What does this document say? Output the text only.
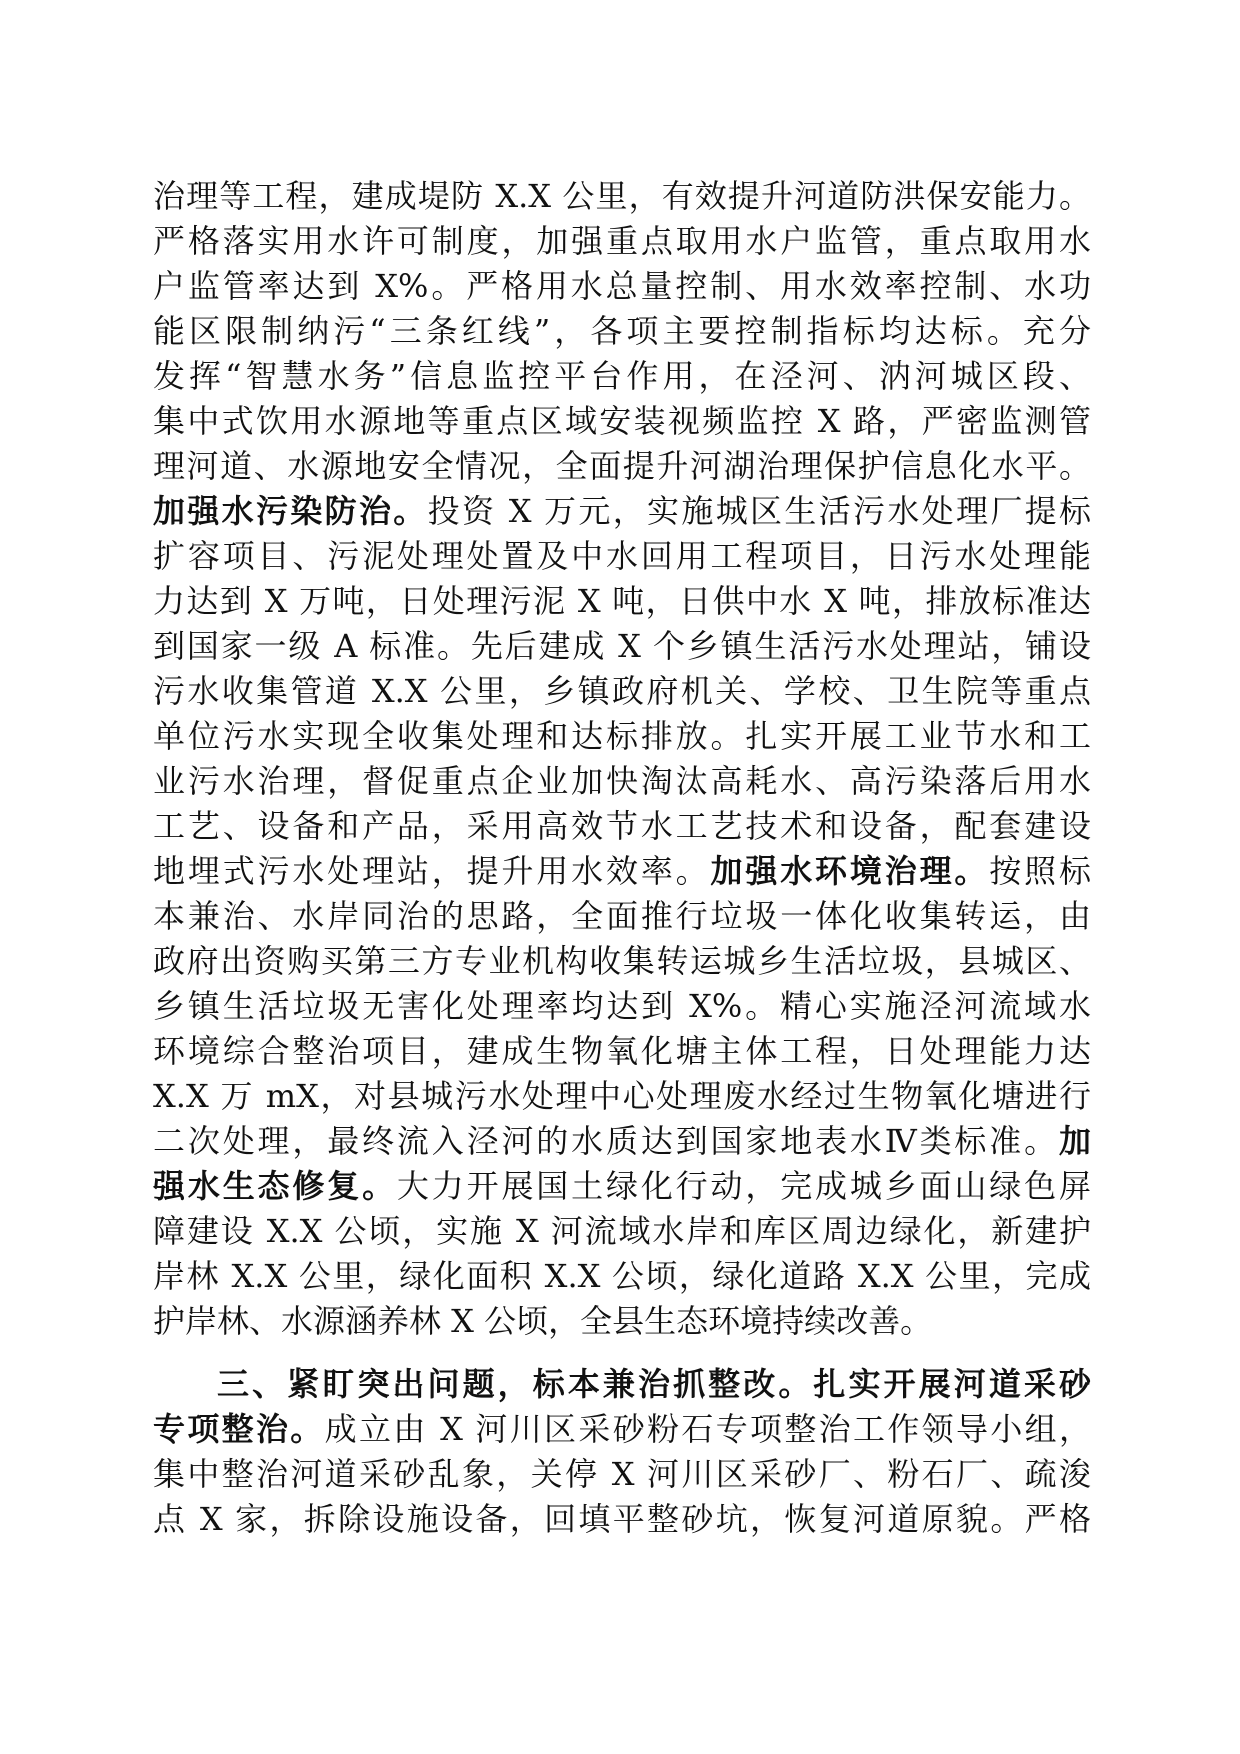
治理等工程，建成堤防 X.X 公里，有效提升河道防洪保安能力。
严格落实用水许可制度，加强重点取用水户监管，重点取用水
户监管率达到 X%。严格用水总量控制、用水效率控制、水功
能区限制纳污“三条红线”，各项主要控制指标均达标。充分
发挥“智慧水务”信息监控平台作用，在泾河、汭河城区段、
集中式饮用水源地等重点区域安装视频监控 X 路，严密监测管
理河道、水源地安全情况，全面提升河湖治理保护信息化水平。
加强水污染防治。投资 X 万元，实施城区生活污水处理厂提标
扩容项目、污泥处理处置及中水回用工程项目，日污水处理能
力达到 X 万吨，日处理污泥 X 吨，日供中水 X 吨，排放标准达
到国家一级 A 标准。先后建成 X 个乡镇生活污水处理站，铺设
污水收集管道 X.X 公里，乡镇政府机关、学校、卫生院等重点
单位污水实现全收集处理和达标排放。扎实开展工业节水和工
业污水治理，督促重点企业加快淘汰高耗水、高污染落后用水
工艺、设备和产品，采用高效节水工艺技术和设备，配套建设
地埋式污水处理站，提升用水效率。加强水环境治理。按照标
本兼治、水岸同治的思路，全面推行垃圾一体化收集转运，由
政府出资购买第三方专业机构收集转运城乡生活垃圾，县城区、
乡镇生活垃圾无害化处理率均达到 X%。精心实施泾河流域水
环境综合整治项目，建成生物氧化塘主体工程，日处理能力达
X.X 万 mX，对县城污水处理中心处理废水经过生物氧化塘进行
二次处理，最终流入泾河的水质达到国家地表水Ⅳ类标准。加
强水生态修复。大力开展国土绿化行动，完成城乡面山绿色屏
障建设 X.X 公顷，实施 X 河流域水岸和库区周边绿化，新建护
岸林 X.X 公里，绿化面积 X.X 公顷，绿化道路 X.X 公里，完成
护岸林、水源涵养林 X 公顷，全县生态环境持续改善。
三、紧盯突出问题，标本兼治抓整改。扎实开展河道采砂
专项整治。成立由 X 河川区采砂粉石专项整治工作领导小组，
集中整治河道采砂乱象，关停 X 河川区采砂厂、粉石厂、疏浚
点 X 家，拆除设施设备，回填平整砂坑，恢复河道原貌。严格
